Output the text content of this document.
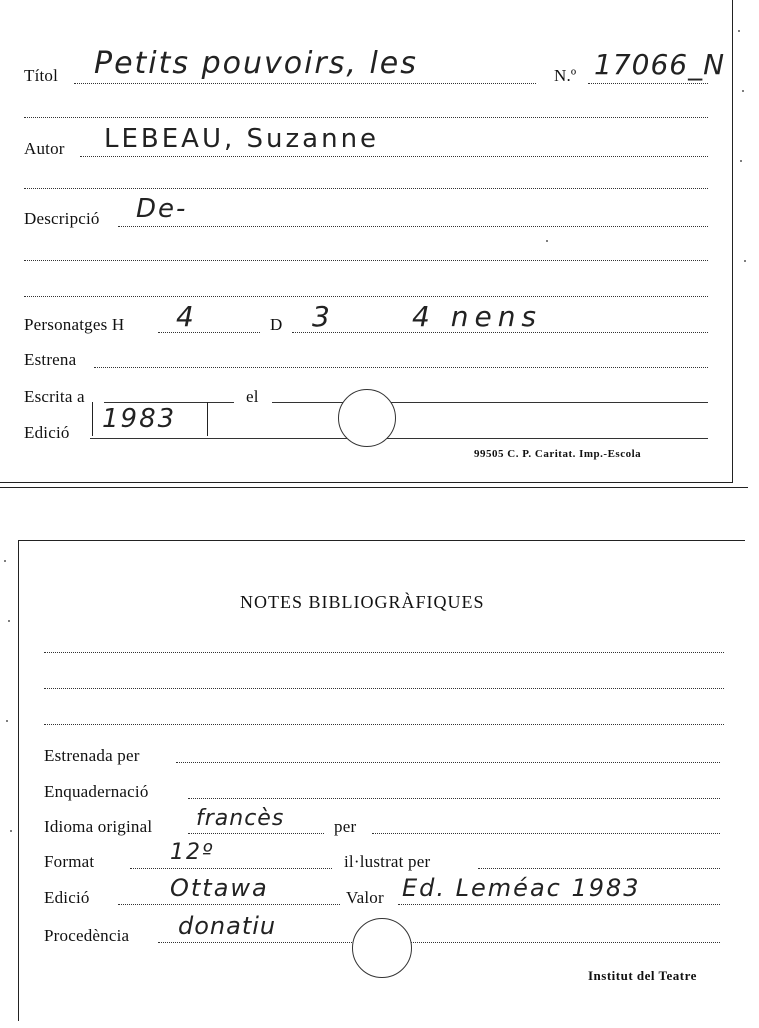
Títol Petits pouvoirs, les	N.º 17066_N
Autor LEBEAU, Suzanne
Descripció De-
Personatges H 4	D 3	4 nens
Estrena
Escrita a	el
Edició 1983
99505 C. P. Caritat. Imp.-Escola
NOTES BIBLIOGRÀFIQUES
Estrenada per
Enquadernació
Idioma original francès	per
Format	12º	il·lustrat per
Edició	Ottawa	Valor Ed. Leméac 1983
Procedència donatiu
Institut del Teatre
